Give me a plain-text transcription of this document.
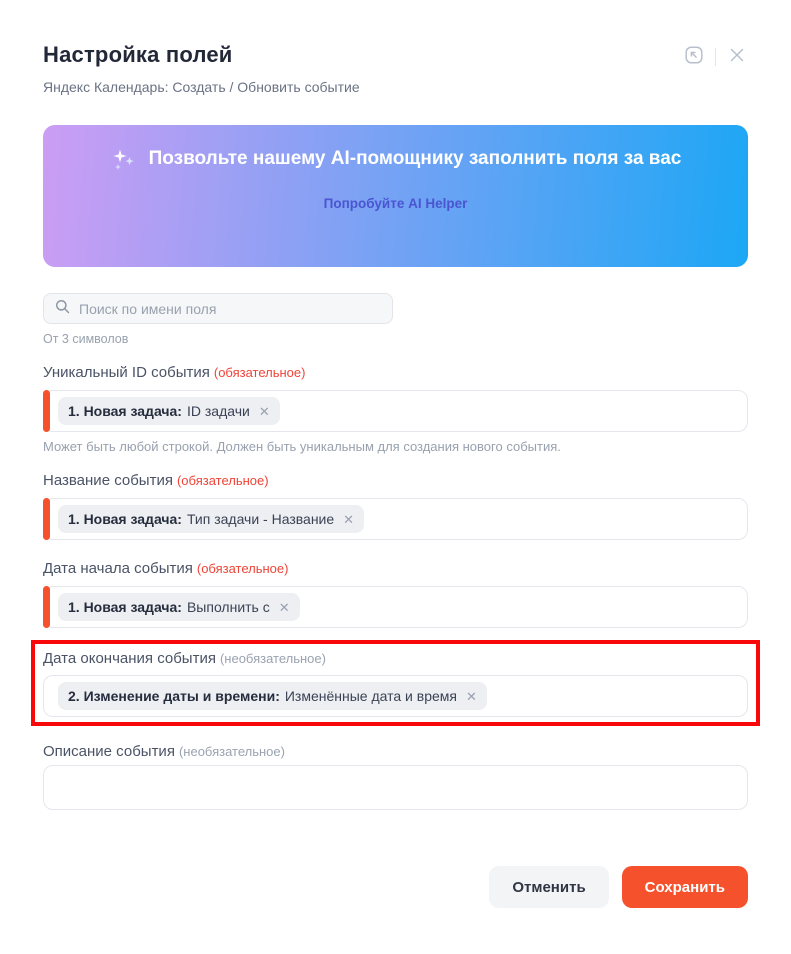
Настройка полей
Яндекс Календарь: Создать / Обновить событие
Позвольте нашему AI-помощнику заполнить поля за вас
Попробуйте AI Helper
Поиск по имени поля
От 3 символов
Уникальный ID события (обязательное)
1. Новая задача: ID задачи ✕
Может быть любой строкой. Должен быть уникальным для создания нового события.
Название события (обязательное)
1. Новая задача: Тип задачи - Название ✕
Дата начала события (обязательное)
1. Новая задача: Выполнить с ✕
Дата окончания события (необязательное)
2. Изменение даты и времени: Изменённые дата и время ✕
Описание события (необязательное)
Отменить	Сохранить
